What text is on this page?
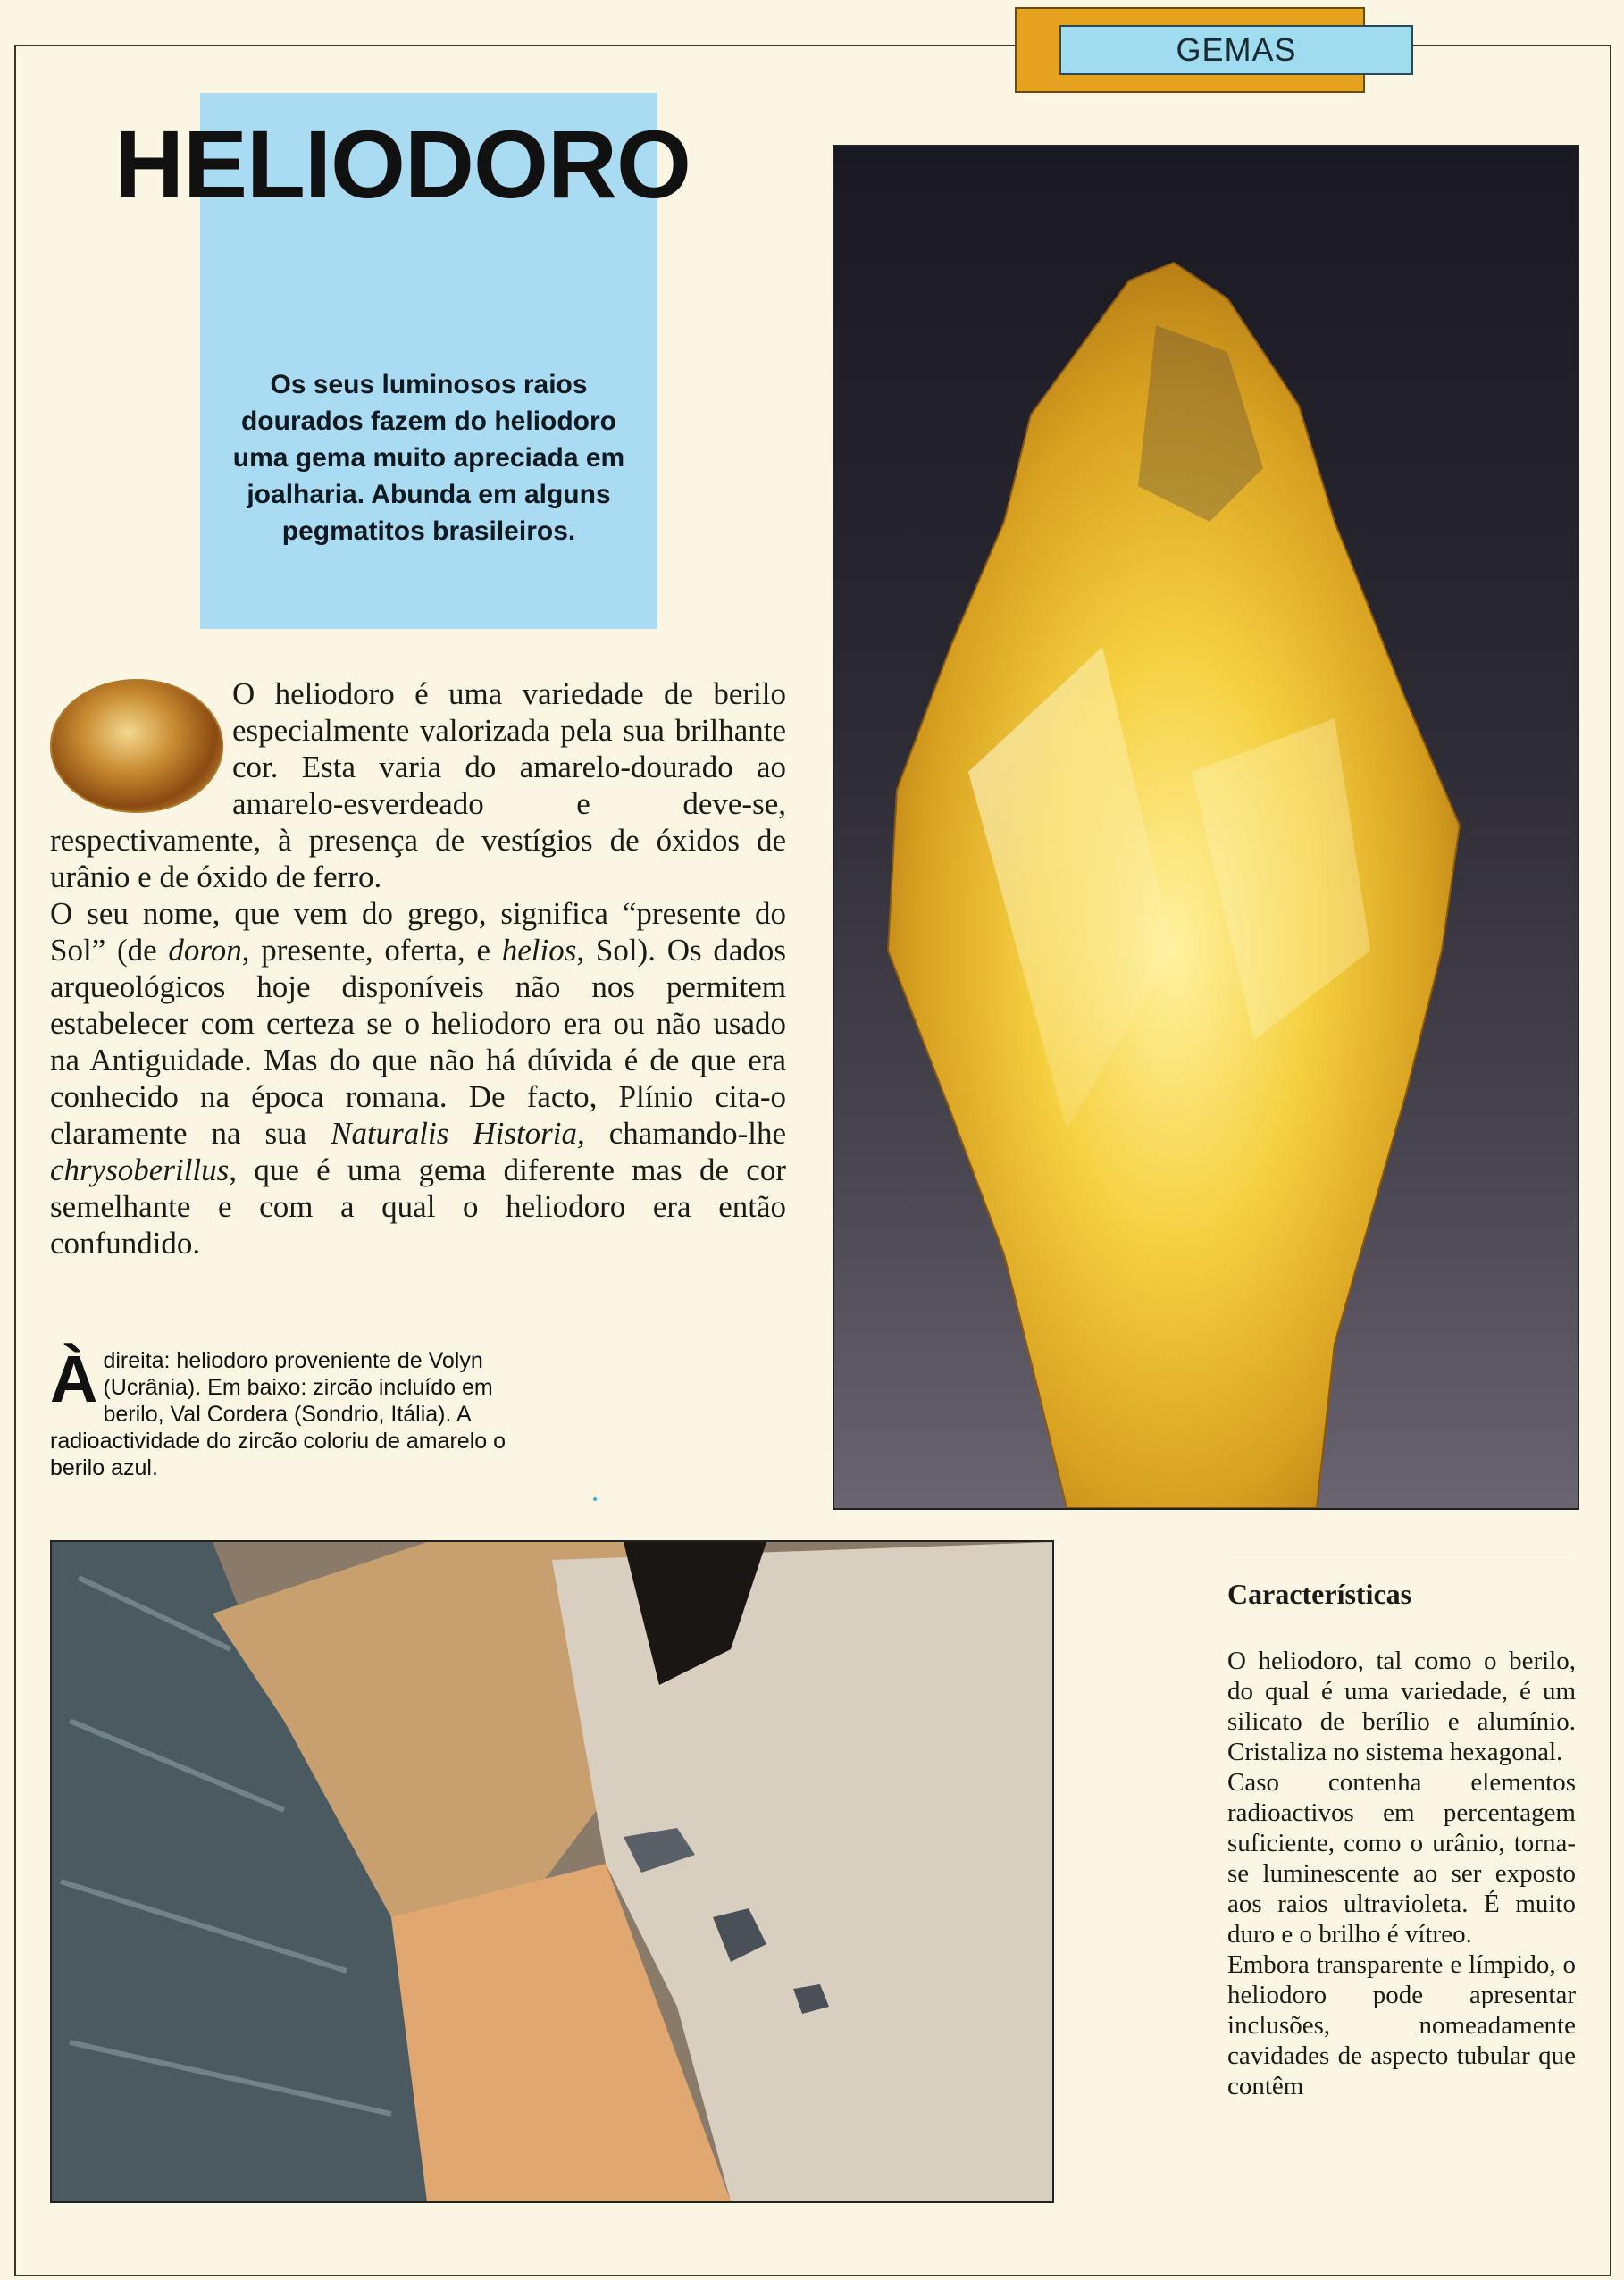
GEMAS
HELIODORO
Os seus luminosos raios dourados fazem do heliodoro uma gema muito apreciada em joalharia. Abunda em alguns pegmatitos brasileiros.

O heliodoro é uma variedade de berilo especialmente valorizada pela sua brilhante cor. Esta varia do amarelo-dourado ao amarelo-esverdeado e deve-se, respectivamente, à presença de vestígios de óxidos de urânio e de óxido de ferro.

O seu nome, que vem do grego, significa “presente do Sol” (de doron, presente, oferta, e helios, Sol). Os dados arqueológicos hoje disponíveis não nos permitem estabelecer com certeza se o heliodoro era ou não usado na Antiguidade. Mas do que não há dúvida é de que era conhecido na época romana. De facto, Plínio cita-o claramente na sua Naturalis Historia, chamando-lhe chrysoberillus, que é uma gema diferente mas de cor semelhante e com a qual o heliodoro era então confundido.

À direita: heliodoro proveniente de Volyn (Ucrânia). Em baixo: zircão incluído em berilo, Val Cordera (Sondrio, Itália). A radioactividade do zircão coloriu de amarelo o berilo azul.
Características

O heliodoro, tal como o berilo, do qual é uma variedade, é um silicato de berílio e alumínio. Cristaliza no sistema hexagonal.

Caso contenha elementos radioactivos em percentagem suficiente, como o urânio, torna-se luminescente ao ser exposto aos raios ultravioleta. É muito duro e o brilho é vítreo.

Embora transparente e límpido, o heliodoro pode apresentar inclusões, nomeadamente cavidades de aspecto tubular que contêm
